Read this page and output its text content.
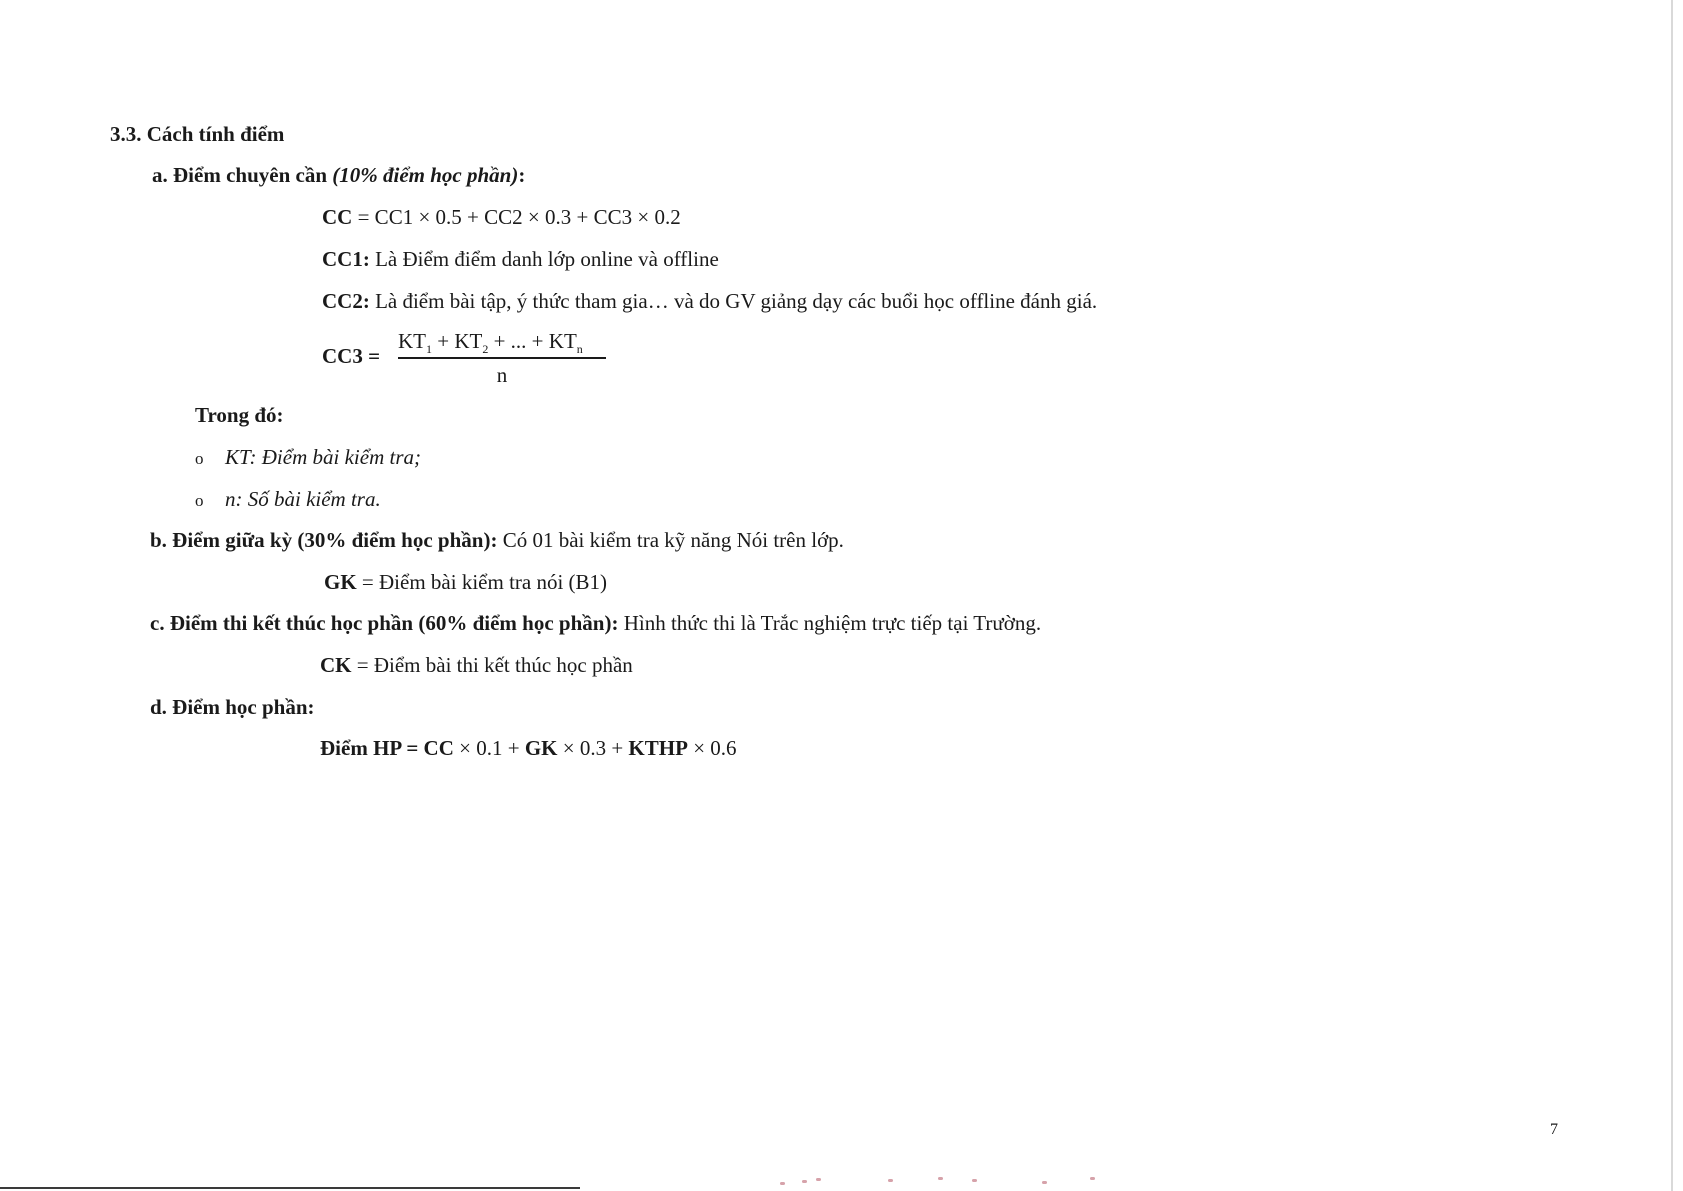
3.3. Cách tính điểm
a. Điểm chuyên cần (10% điểm học phần):
CC = CC1 × 0.5 + CC2 × 0.3 + CC3 × 0.2
CC1: Là Điểm điểm danh lớp online và offline
CC2: Là điểm bài tập, ý thức tham gia… và do GV giảng dạy các buổi học offline đánh giá.
CC3 =
$KT_1 + KT_2$ + ... + $KT_n$
n
Trong đó:
o KT: Điểm bài kiểm tra;
o n: Số bài kiểm tra.
b. Điểm giữa kỳ (30% điểm học phần): Có 01 bài kiểm tra kỹ năng Nói trên lớp.
GK = Điểm bài kiểm tra nói (B1)
c. Điểm thi kết thúc học phần (60% điểm học phần): Hình thức thi là Trắc nghiệm trực tiếp tại Trường.
CK = Điểm bài thi kết thúc học phần
d. Điểm học phần:
Điểm HP = CC × 0.1 + GK × 0.3 + KTHP × 0.6
7
